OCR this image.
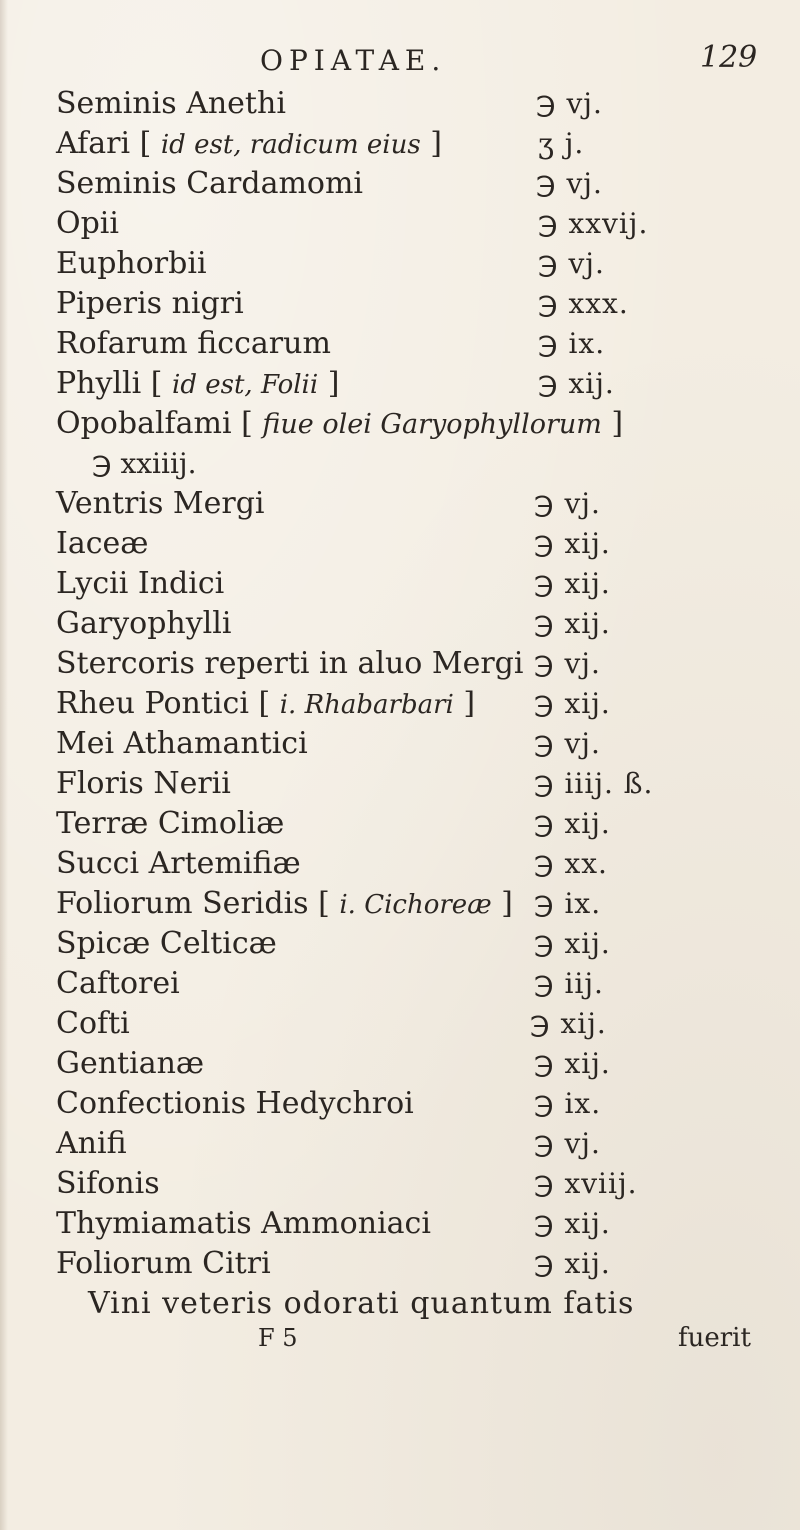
OPIATAE.	129
Seminis Anethi	℈ vj.
Afari [ id est, radicum eius ]	ʒ j.
Seminis Cardamomi	℈ vj.
Opii	℈ xxvij.
Euphorbii	℈ vj.
Piperis nigri	℈ xxx.
Rofarum ficcarum	℈ ix.
Phylli [ id est, Folii ]	℈ xij.
Opobalfami [ fiue olei Garyophyllorum ]
℈ xxiiij.
Ventris Mergi	℈ vj.
Iaceæ	℈ xij.
Lycii Indici	℈ xij.
Garyophylli	℈ xij.
Stercoris reperti in aluo Mergi ℈ vj.
Rheu Pontici [ i. Rhabarbari ] ℈ xij.
Mei Athamantici	℈ vj.
Floris Nerii	℈ iiij. ß.
Terræ Cimoliæ	℈ xij.
Succi Artemifiæ	℈ xx.
Foliorum Seridis [ i. Cichoreæ ] ℈ ix.
Spicæ Celticæ	℈ xij.
Caftorei	℈ iij.
Cofti	℈ xij.
Gentianæ	℈ xij.
Confectionis Hedychroi	℈ ix.
Anifi	℈ vj.
Sifonis	℈ xviij.
Thymiamatis Ammoniaci	℈ xij.
Foliorum Citri	℈ xij.
Vini veteris odorati quantum fatis
F 5	fuerit
